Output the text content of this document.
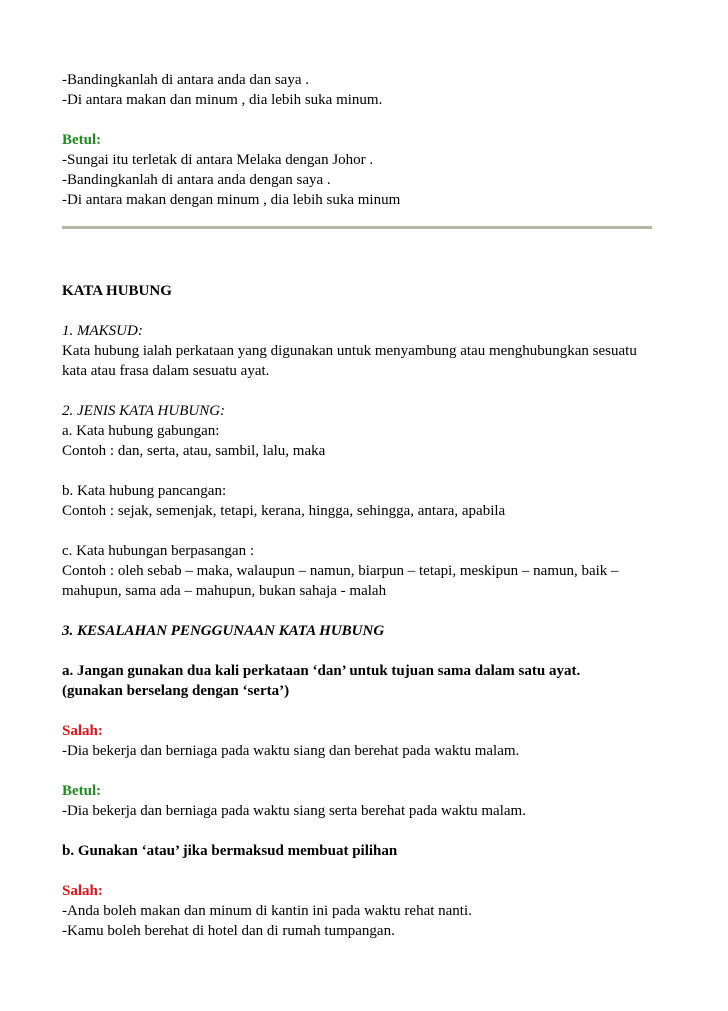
-Bandingkanlah di antara anda dan saya .
-Di antara makan dan minum , dia lebih suka minum.
Betul:
-Sungai itu terletak di antara Melaka dengan Johor .
-Bandingkanlah di antara anda dengan saya .
-Di antara makan dengan minum , dia lebih suka minum
KATA HUBUNG
1. MAKSUD:
Kata hubung ialah perkataan yang digunakan untuk menyambung atau menghubungkan sesuatu kata atau frasa dalam sesuatu ayat.
2. JENIS KATA HUBUNG:
a. Kata hubung gabungan:
Contoh : dan, serta, atau, sambil, lalu, maka
b. Kata hubung pancangan:
Contoh : sejak, semenjak, tetapi, kerana, hingga, sehingga, antara, apabila
c. Kata hubungan berpasangan :
Contoh : oleh sebab – maka, walaupun – namun, biarpun – tetapi, meskipun – namun, baik – mahupun, sama ada – mahupun, bukan sahaja - malah
3. KESALAHAN PENGGUNAAN KATA HUBUNG
a. Jangan gunakan dua kali perkataan ‘dan’ untuk tujuan sama dalam satu ayat.
(gunakan berselang dengan ‘serta’)
Salah:
-Dia bekerja dan berniaga pada waktu siang dan berehat pada waktu malam.
Betul:
-Dia bekerja dan berniaga pada waktu siang serta berehat pada waktu malam.
b. Gunakan ‘atau’ jika bermaksud membuat pilihan
Salah:
-Anda boleh makan dan minum di kantin ini pada waktu rehat nanti.
-Kamu boleh berehat di hotel dan di rumah tumpangan.
